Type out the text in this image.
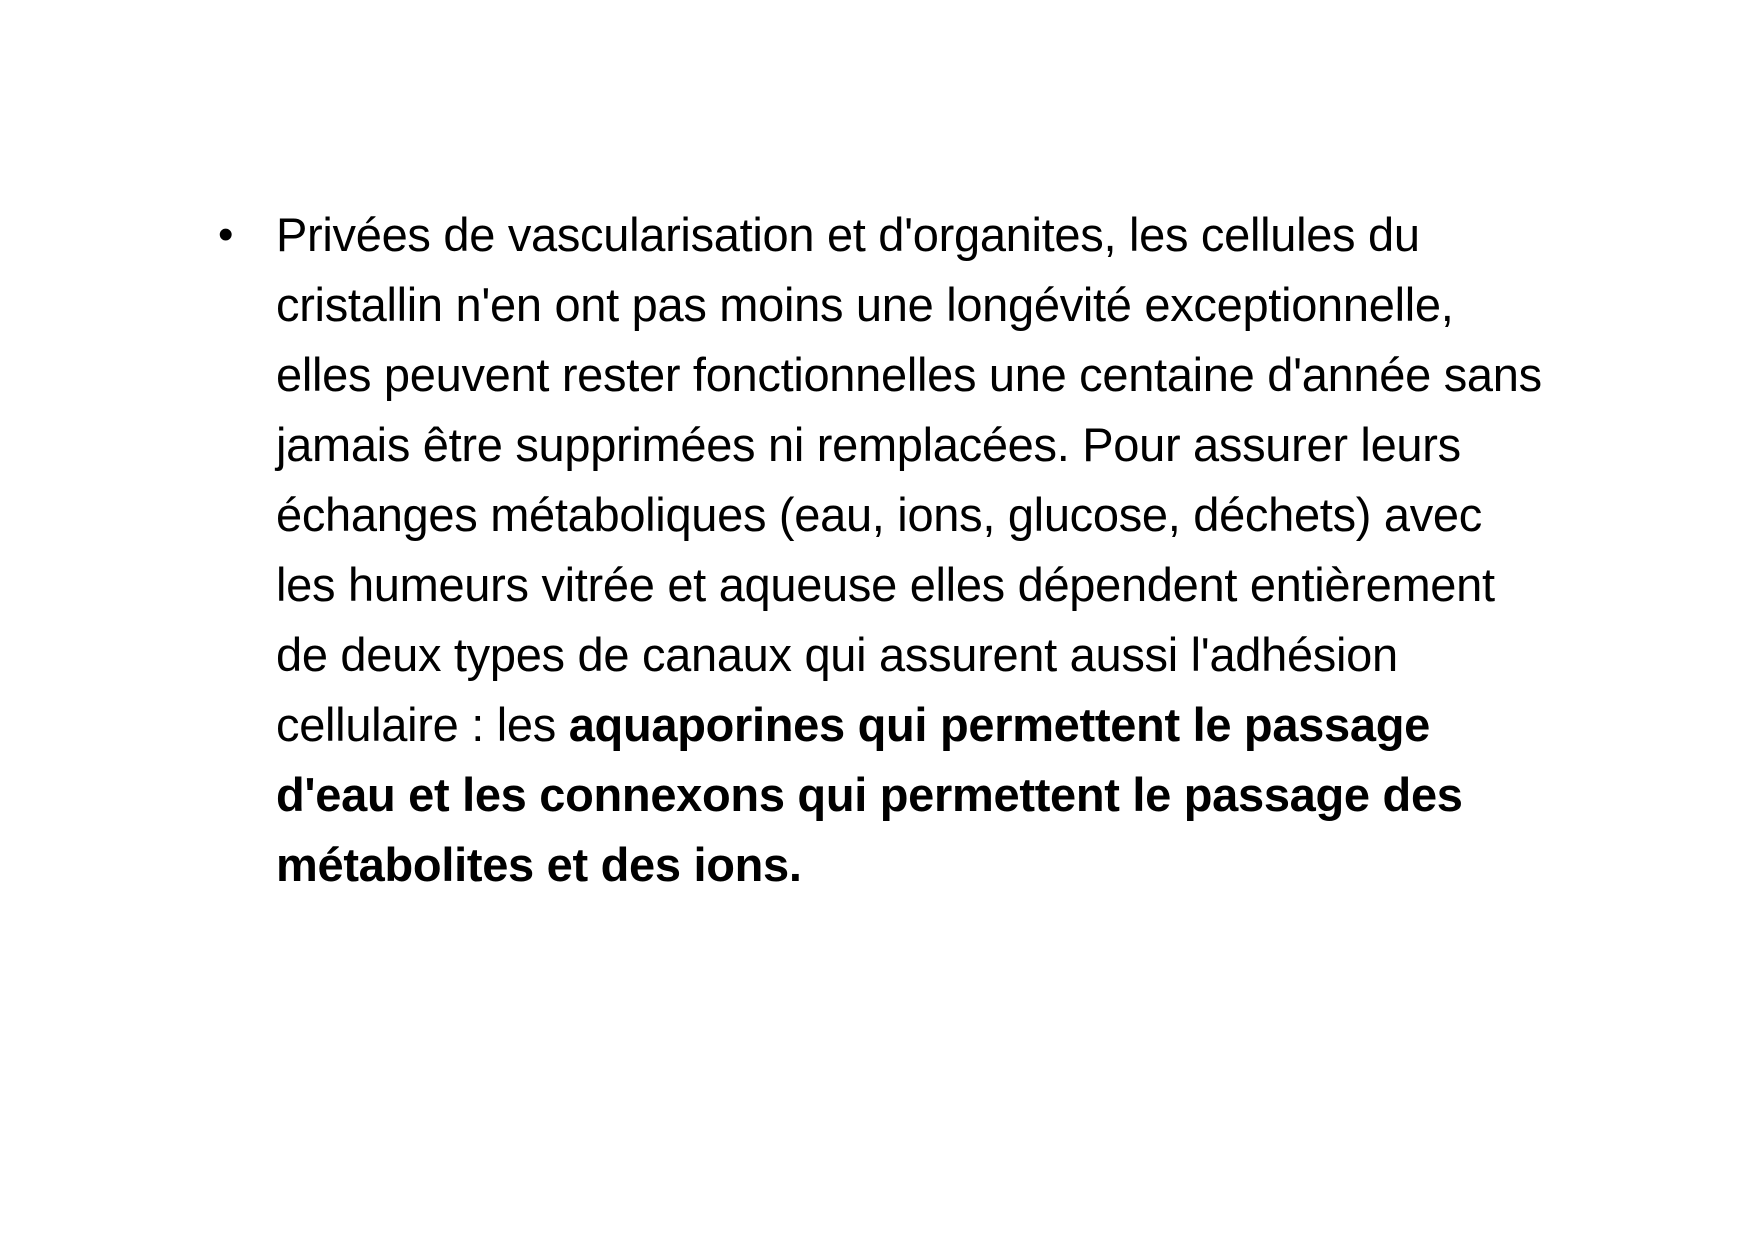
• Privées de vascularisation et d'organites, les cellules du cristallin n'en ont pas moins une longévité exceptionnelle, elles peuvent rester fonctionnelles une centaine d'année sans jamais être supprimées ni remplacées. Pour assurer leurs échanges métaboliques (eau, ions, glucose, déchets) avec les humeurs vitrée et aqueuse elles dépendent entièrement de deux types de canaux qui assurent aussi l'adhésion cellulaire : les aquaporines qui permettent le passage d'eau et les connexons qui permettent le passage des métabolites et des ions.
